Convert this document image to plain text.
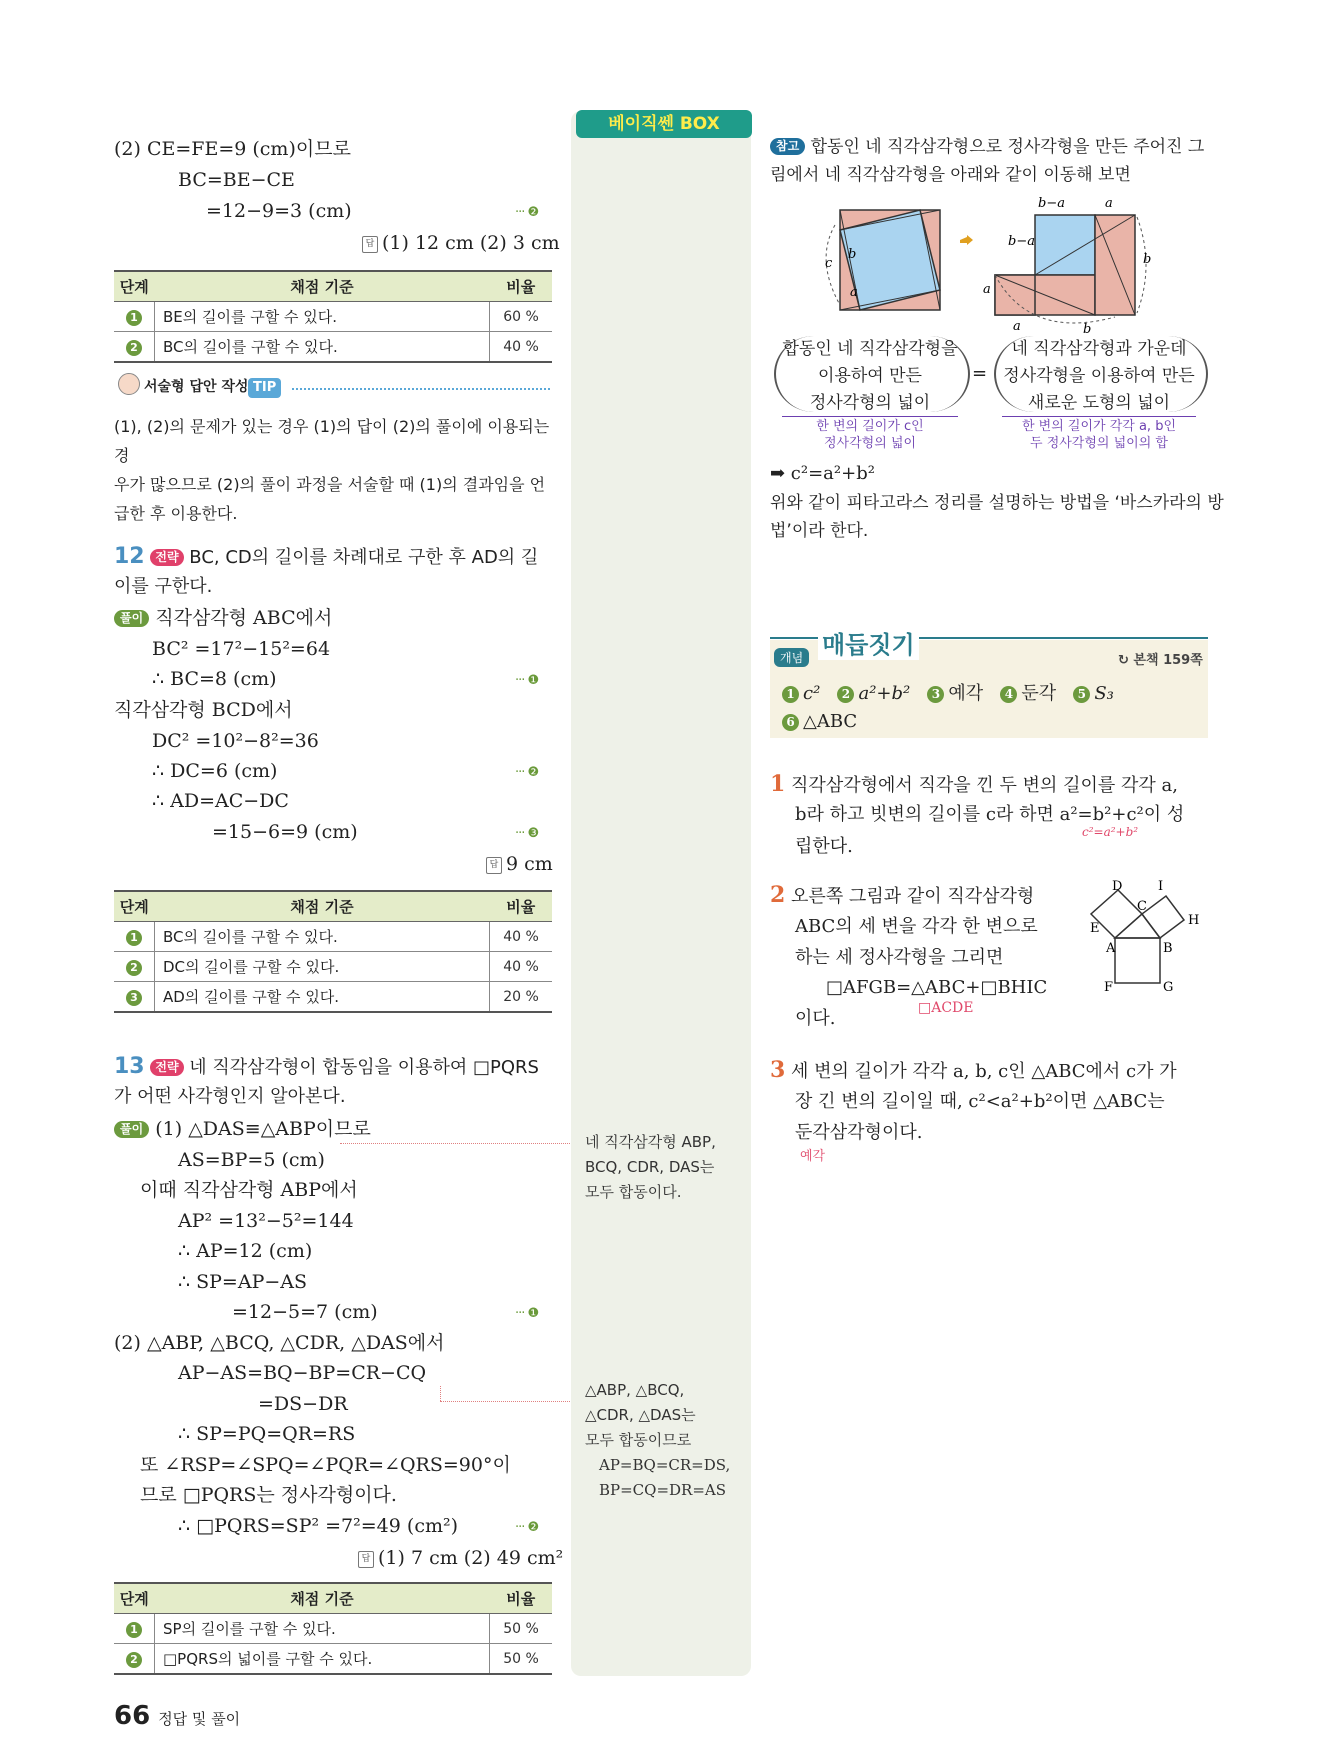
(2) CE=FE=9 (cm)이므로
BC=BE−CE
=12−9=3 (cm)	··· ❷
답 (1) 12 cm (2) 3 cm
단계	채점 기준	비율
1	BE의 길이를 구할 수 있다.	60 %
2	BC의 길이를 구할 수 있다.	40 %
서술형 답안 작성 TIP
(1), (2)의 문제가 있는 경우 (1)의 답이 (2)의 풀이에 이용되는 경
우가 많으므로 (2)의 풀이 과정을 서술할 때 (1)의 결과임을 언
급한 후 이용한다.
12 전략 BC, CD의 길이를 차례대로 구한 후 AD의 길
이를 구한다.
풀이 직각삼각형 ABC에서
BC² =17²−15²=64
∴ BC=8 (cm)	··· ❶
직각삼각형 BCD에서
DC² =10²−8²=36
∴ DC=6 (cm)	··· ❷
∴ AD=AC−DC
=15−6=9 (cm)	··· ❸
답 9 cm
단계	채점 기준	비율
1	BC의 길이를 구할 수 있다.	40 %
2	DC의 길이를 구할 수 있다.	40 %
3	AD의 길이를 구할 수 있다.	20 %
13 전략 네 직각삼각형이 합동임을 이용하여 □PQRS
가 어떤 사각형인지 알아본다.
풀이 (1) △DAS≡△ABP이므로
AS=BP=5 (cm)
이때 직각삼각형 ABP에서
AP² =13²−5²=144
∴ AP=12 (cm)
∴ SP=AP−AS
=12−5=7 (cm)	··· ❶
(2) △ABP, △BCQ, △CDR, △DAS에서
AP−AS=BQ−BP=CR−CQ
=DS−DR
∴ SP=PQ=QR=RS
또 ∠RSP=∠SPQ=∠PQR=∠QRS=90°이
므로 □PQRS는 정사각형이다.
∴ □PQRS=SP² =7²=49 (cm²)	··· ❷
답 (1) 7 cm (2) 49 cm²
단계	채점 기준	비율
1	SP의 길이를 구할 수 있다.	50 %
2	□PQRS의 넓이를 구할 수 있다.	50 %
베이직쎈 BOX
네 직각삼각형 ABP,
BCQ, CDR, DAS는
모두 합동이다.
△ABP, △BCQ,
△CDR, △DAS는
모두 합동이므로
AP=BQ=CR=DS,
BP=CQ=DR=AS
참고 합동인 네 직각삼각형으로 정사각형을 만든 주어진 그
림에서 네 직각삼각형을 아래와 같이 이동해 보면
c
b
a
b−a	a
b−a
b
a
a	b
합동인 네 직각삼각형을
이용하여 만든
정사각형의 넓이
=
네 직각삼각형과 가운데
정사각형을 이용하여 만든
새로운 도형의 넓이
한 변의 길이가 c인
정사각형의 넓이
한 변의 길이가 각각 a, b인
두 정사각형의 넓이의 합
➡ c²=a²+b²
위와 같이 피타고라스 정리를 설명하는 방법을 ‘바스카라의 방
법’이라 한다.
개념 매듭짓기
↻ 본책 159쪽
1 c² 2 a²+b² 3 예각 4 둔각 5 S₃
6 △ABC
1 직각삼각형에서 직각을 낀 두 변의 길이를 각각 a,
b라 하고 빗변의 길이를 c라 하면 a²=b²+c²이 성
c²=a²+b²
립한다.
2 오른쪽 그림과 같이 직각삼각형
ABC의 세 변을 각각 한 변으로
하는 세 정사각형을 그리면
□AFGB=△ABC+□BHIC
□ACDE
이다.
D	I
C
H
E
A	B
F	G
3 세 변의 길이가 각각 a, b, c인 △ABC에서 c가 가
장 긴 변의 길이일 때, c²<a²+b²이면 △ABC는
둔각삼각형이다.
예각
66 정답 및 풀이
